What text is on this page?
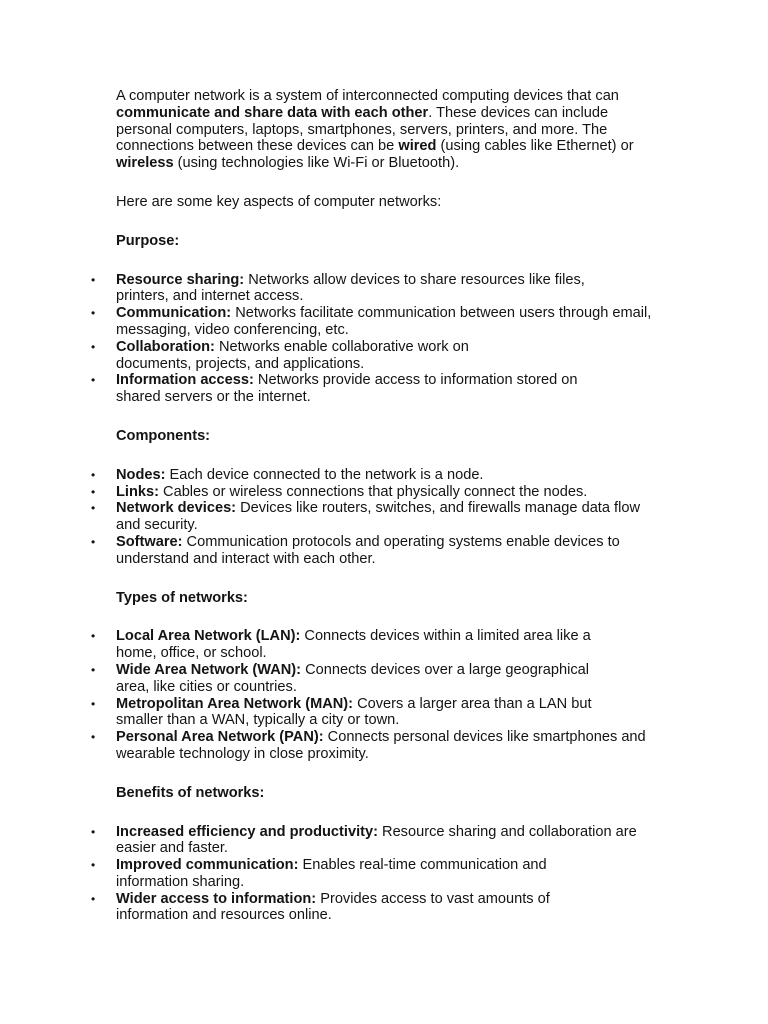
A computer network is a system of interconnected computing devices that can communicate and share data with each other. These devices can include personal computers, laptops, smartphones, servers, printers, and more. The connections between these devices can be wired (using cables like Ethernet) or wireless (using technologies like Wi-Fi or Bluetooth).

Here are some key aspects of computer networks:

Purpose:

• Resource sharing: Networks allow devices to share resources like files, printers, and internet access.
• Communication: Networks facilitate communication between users through email, messaging, video conferencing, etc.
• Collaboration: Networks enable collaborative work on documents, projects, and applications.
• Information access: Networks provide access to information stored on shared servers or the internet.

Components:

• Nodes: Each device connected to the network is a node.
• Links: Cables or wireless connections that physically connect the nodes.
• Network devices: Devices like routers, switches, and firewalls manage data flow and security.
• Software: Communication protocols and operating systems enable devices to understand and interact with each other.

Types of networks:

• Local Area Network (LAN): Connects devices within a limited area like a home, office, or school.
• Wide Area Network (WAN): Connects devices over a large geographical area, like cities or countries.
• Metropolitan Area Network (MAN): Covers a larger area than a LAN but smaller than a WAN, typically a city or town.
• Personal Area Network (PAN): Connects personal devices like smartphones and wearable technology in close proximity.

Benefits of networks:

• Increased efficiency and productivity: Resource sharing and collaboration are easier and faster.
• Improved communication: Enables real-time communication and information sharing.
• Wider access to information: Provides access to vast amounts of information and resources online.
